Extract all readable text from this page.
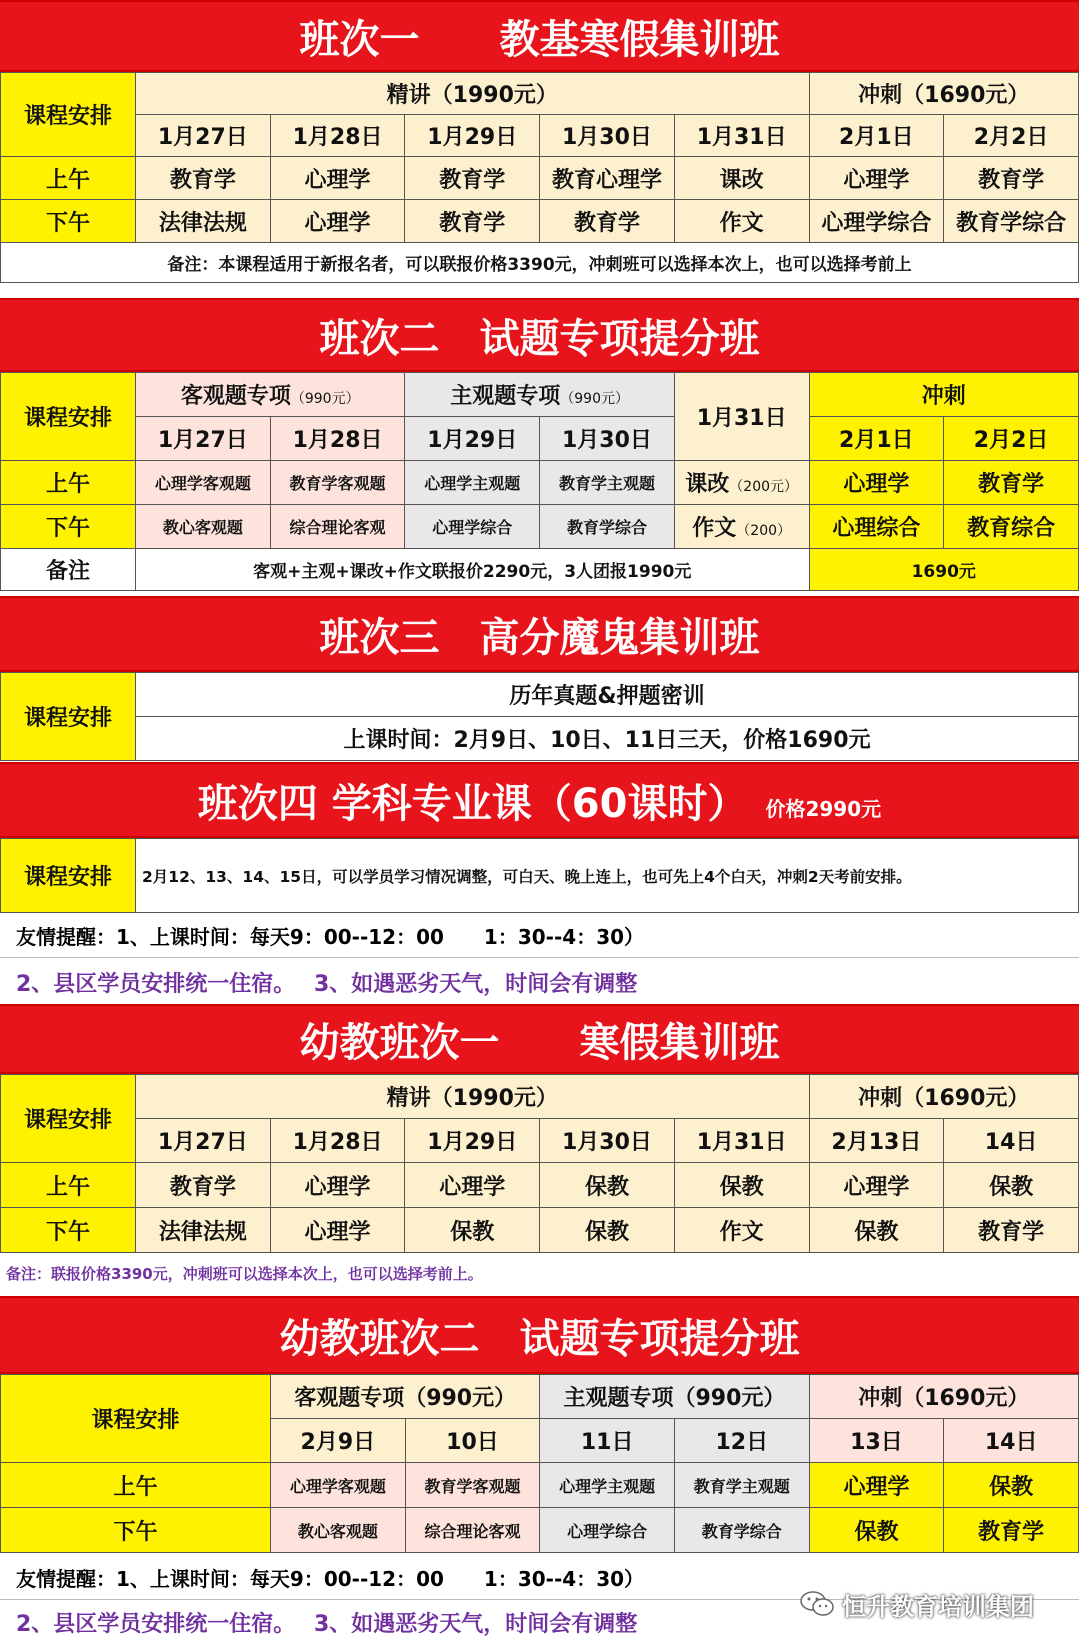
班次一　　教基寒假集训班
课程安排	精讲（1990元）					冲刺（1690元）	
	1月27日	1月28日	1月29日	1月30日	1月31日	2月1日	2月2日
上午	教育学	心理学	教育学	教育心理学	课改	心理学	教育学
下午	法律法规	心理学	教育学	教育学	作文	心理学综合	教育学综合
备注：本课程适用于新报名者，可以联报价格3390元，冲刺班可以选择本次上，也可以选择考前上							
班次二　试题专项提分班
课程安排	客观题专项（990元）		主观题专项（990元）		1月31日	冲刺	
	1月27日	1月28日	1月29日	1月30日		2月1日	2月2日
上午	心理学客观题	教育学客观题	心理学主观题	教育学主观题	课改（200元）	心理学	教育学
下午	教心客观题	综合理论客观	心理学综合	教育学综合	作文（200）	心理综合	教育综合
备注	客观+主观+课改+作文联报价2290元，3人团报1990元					1690元	
班次三　高分魔鬼集训班
课程安排	历年真题&押题密训
上课时间：2月9日、10日、11日三天，价格1690元
班次四 学科专业课（60课时） 价格2990元
课程安排	2月12、13、14、15日，可以学员学习情况调整，可白天、晚上连上，也可先上4个白天，冲刺2天考前安排。
友情提醒：1、上课时间：每天9：00--12：00　　1：30--4：30）
2、县区学员安排统一住宿。　 3、如遇恶劣天气，时间会有调整
幼教班次一　　寒假集训班
课程安排	精讲（1990元）					冲刺（1690元）	
	1月27日	1月28日	1月29日	1月30日	1月31日	2月13日	14日
上午	教育学	心理学	心理学	保教	保教	心理学	保教
下午	法律法规	心理学	保教	保教	作文	保教	教育学
备注：联报价格3390元，冲刺班可以选择本次上，也可以选择考前上。
幼教班次二　试题专项提分班
课程安排	客观题专项（990元）		主观题专项（990元）		冲刺（1690元）	
	2月9日	10日	11日	12日	13日	14日
上午	心理学客观题	教育学客观题	心理学主观题	教育学主观题	心理学	保教
下午	教心客观题	综合理论客观	心理学综合	教育学综合	保教	教育学
友情提醒：1、上课时间：每天9：00--12：00　　1：30--4：30）
2、县区学员安排统一住宿。　 3、如遇恶劣天气，时间会有调整
恒升教育培训集团
